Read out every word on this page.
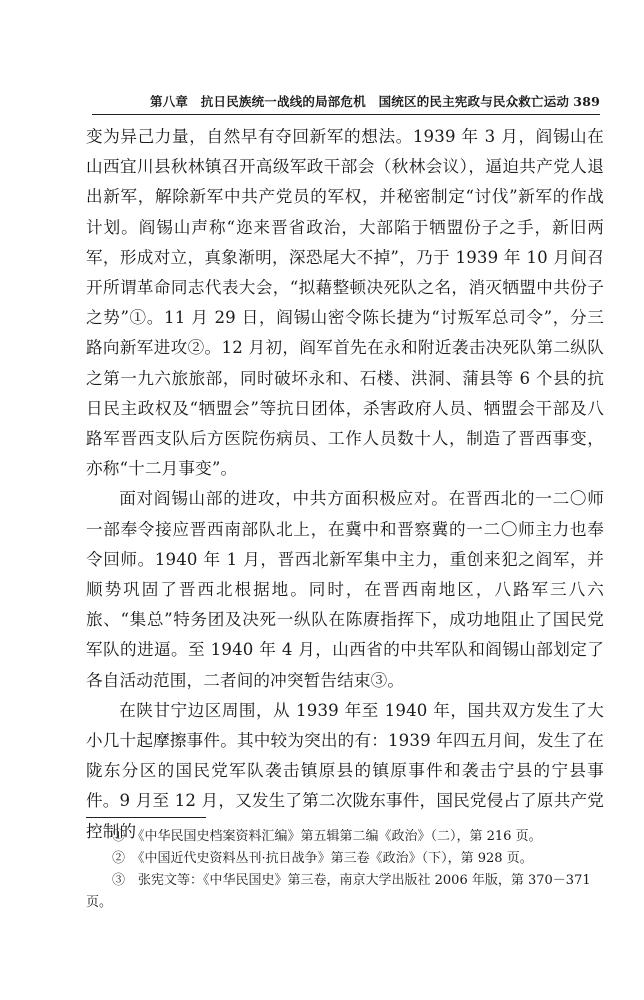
第八章　抗日民族统一战线的局部危机　国统区的民主宪政与民众救亡运动 389

变为异己力量，自然早有夺回新军的想法。1939 年 3 月，阎锡山在山西宜川县秋林镇召开高级军政干部会（秋林会议），逼迫共产党人退出新军，解除新军中共产党员的军权，并秘密制定“讨伐”新军的作战计划。阎锡山声称“迩来晋省政治，大部陷于牺盟份子之手，新旧两军，形成对立，真象渐明，深恐尾大不掉”，乃于 1939 年 10 月间召开所谓革命同志代表大会，“拟藉整顿决死队之名，消灭牺盟中共份子之势”①。11 月 29 日，阎锡山密令陈长捷为“讨叛军总司令”，分三路向新军进攻②。12 月初，阎军首先在永和附近袭击决死队第二纵队之第一九六旅旅部，同时破坏永和、石楼、洪洞、蒲县等 6 个县的抗日民主政权及“牺盟会”等抗日团体，杀害政府人员、牺盟会干部及八路军晋西支队后方医院伤病员、工作人员数十人，制造了晋西事变，亦称“十二月事变”。

面对阎锡山部的进攻，中共方面积极应对。在晋西北的一二〇师一部奉令接应晋西南部队北上，在冀中和晋察冀的一二〇师主力也奉令回师。1940 年 1 月，晋西北新军集中主力，重创来犯之阎军，并顺势巩固了晋西北根据地。同时，在晋西南地区，八路军三八六旅、“集总”特务团及决死一纵队在陈赓指挥下，成功地阻止了国民党军队的进逼。至 1940 年 4 月，山西省的中共军队和阎锡山部划定了各自活动范围，二者间的冲突暂告结束③。

在陕甘宁边区周围，从 1939 年至 1940 年，国共双方发生了大小几十起摩擦事件。其中较为突出的有：1939 年四五月间，发生了在陇东分区的国民党军队袭击镇原县的镇原事件和袭击宁县的宁县事件。9 月至 12 月，又发生了第二次陇东事件，国民党侵占了原共产党控制的

①　《中华民国史档案资料汇编》第五辑第二编《政治》（二），第 216 页。

②　《中国近代史资料丛刊·抗日战争》第三卷《政治》（下），第 928 页。

③　张宪文等：《中华民国史》第三卷，南京大学出版社 2006 年版，第 370－371 页。
